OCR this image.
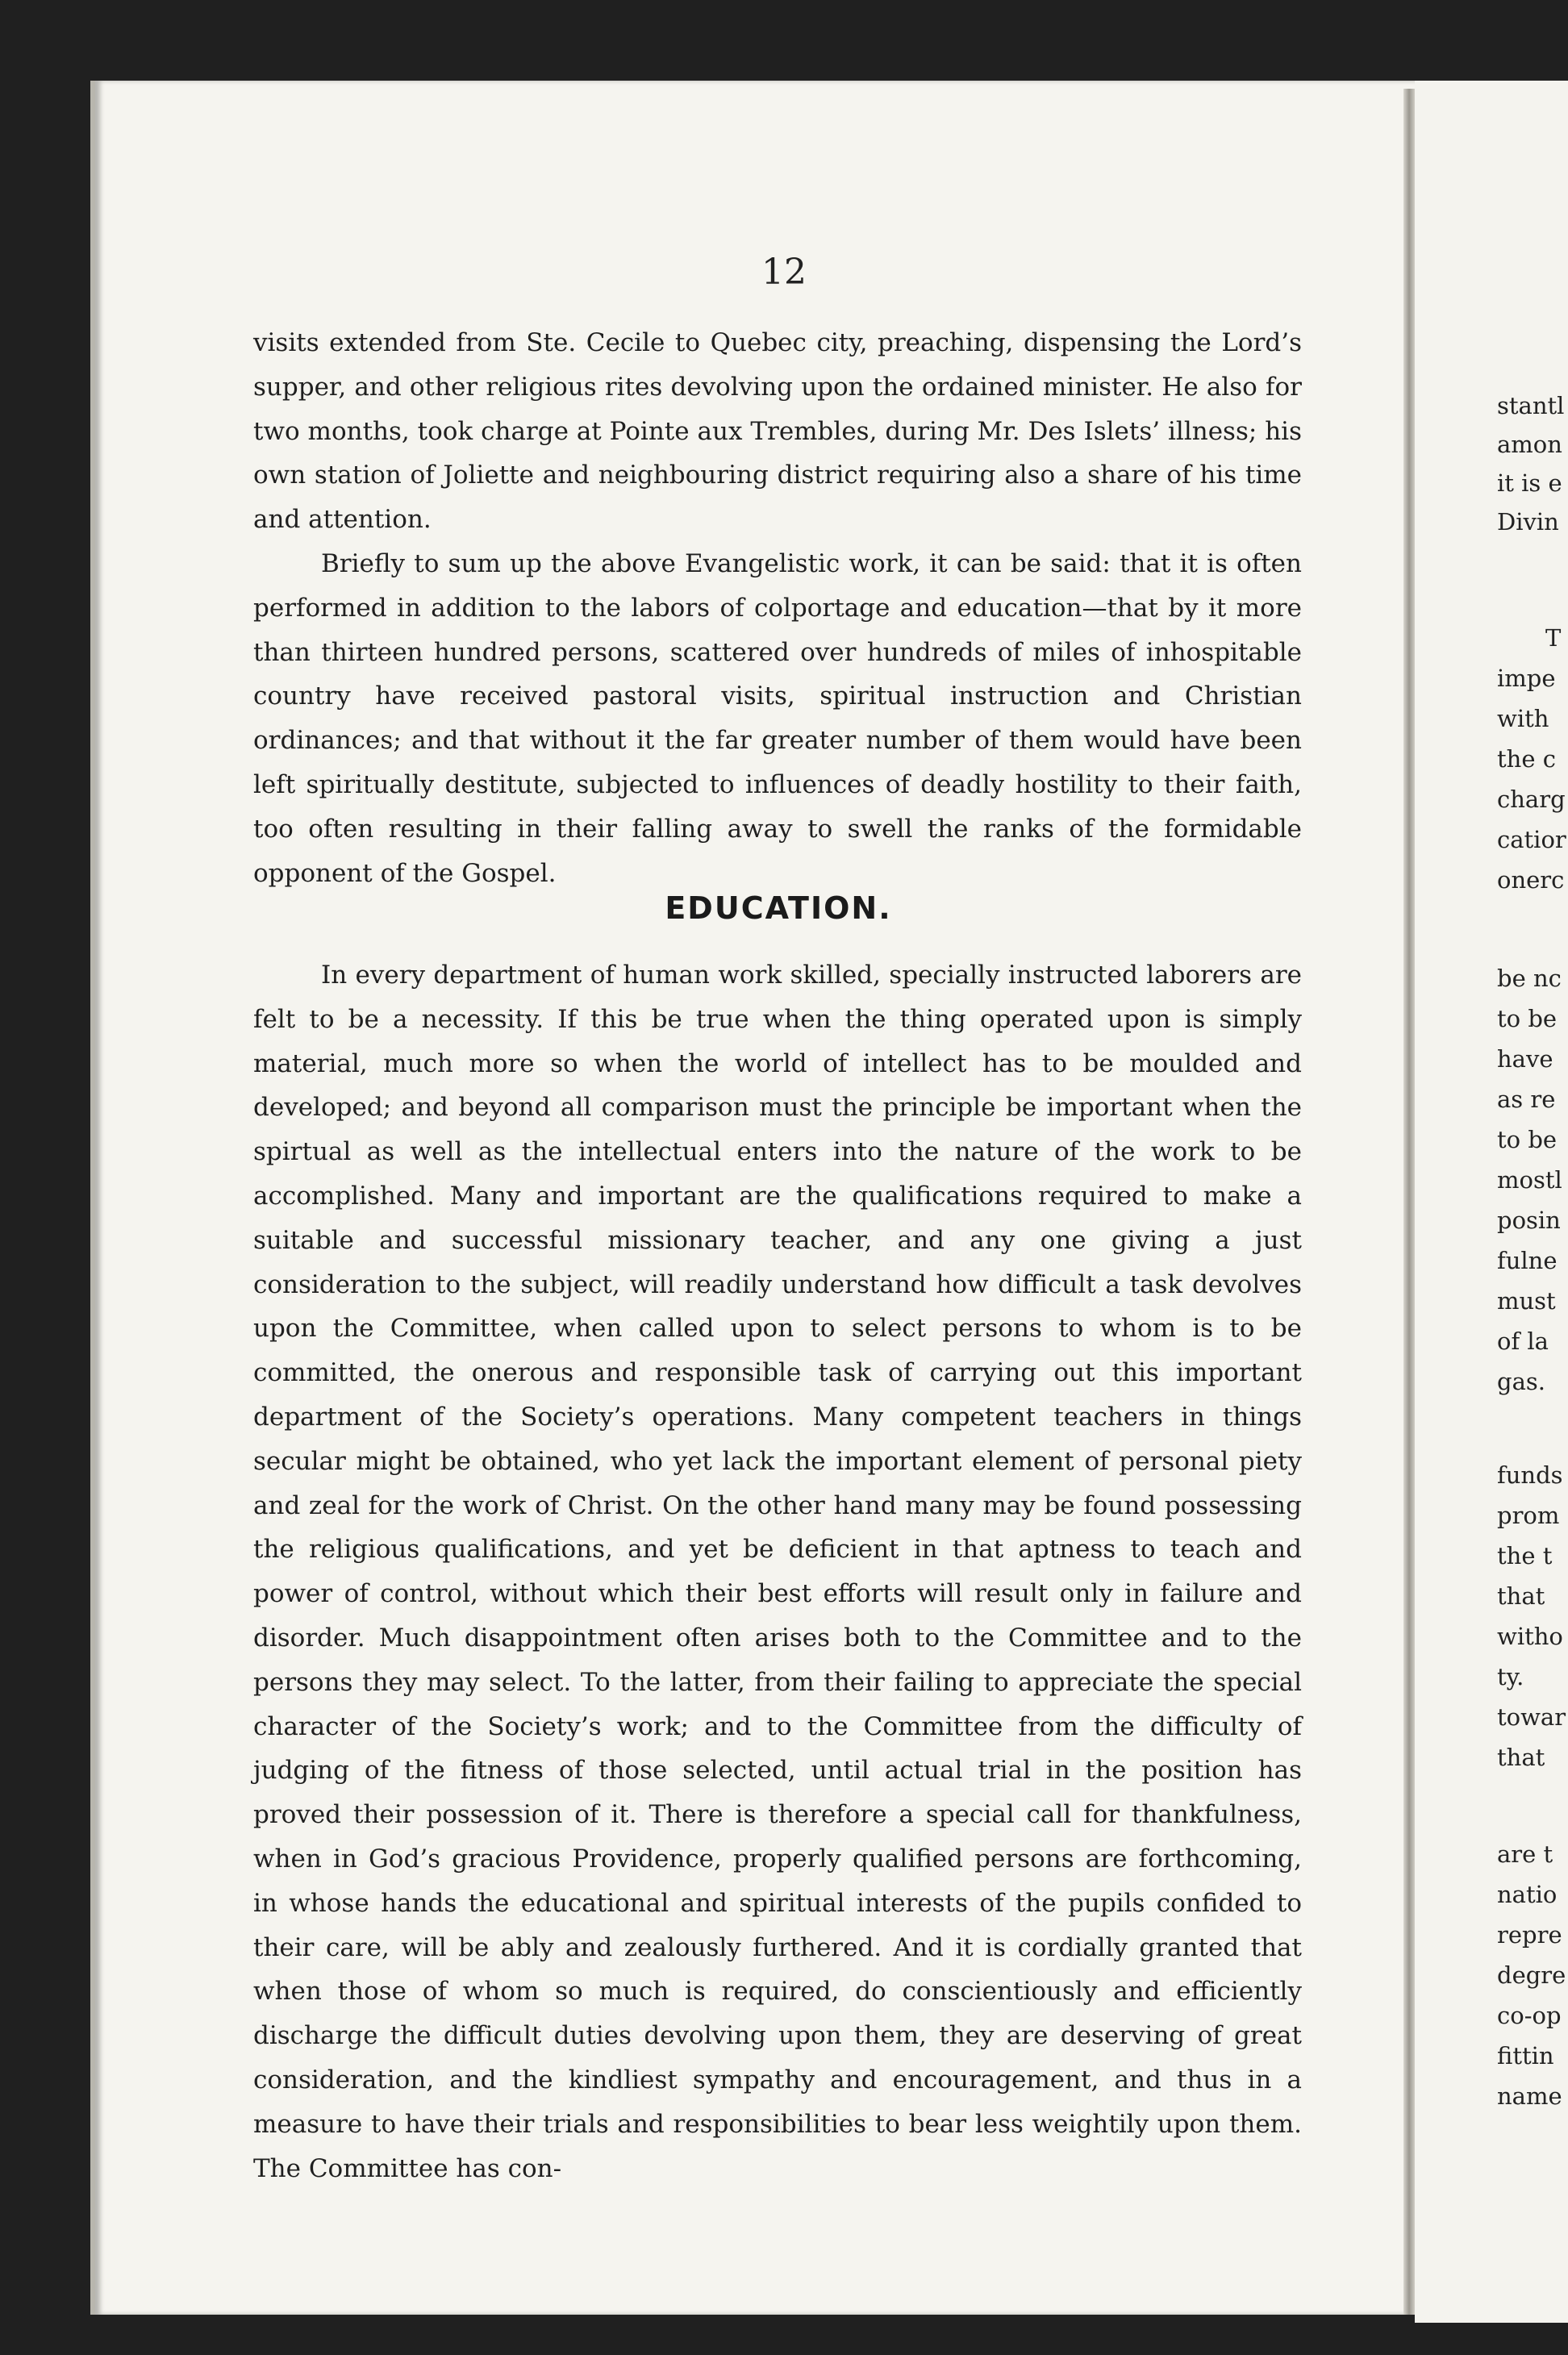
12

visits extended from Ste. Cecile to Quebec city, preaching, dispensing the Lord’s supper, and other religious rites devolving upon the ordained minister. He also for two months, took charge at Pointe aux Trembles, during Mr. Des Islets’ illness; his own station of Joliette and neighbouring district requiring also a share of his time and attention.

Briefly to sum up the above Evangelistic work, it can be said: that it is often performed in addition to the labors of colportage and education—that by it more than thirteen hundred persons, scattered over hundreds of miles of inhospitable country have received pastoral visits, spiritual instruction and Christian ordinances; and that without it the far greater number of them would have been left spiritually destitute, subjected to influences of deadly hostility to their faith, too often resulting in their falling away to swell the ranks of the formidable opponent of the Gospel.

EDUCATION.

In every department of human work skilled, specially instructed laborers are felt to be a necessity. If this be true when the thing operated upon is simply material, much more so when the world of intellect has to be moulded and developed; and beyond all comparison must the principle be important when the spirtual as well as the intellectual enters into the nature of the work to be accomplished. Many and important are the qualifications required to make a suitable and successful missionary teacher, and any one giving a just consideration to the subject, will readily understand how difficult a task devolves upon the Committee, when called upon to select persons to whom is to be committed, the onerous and responsible task of carrying out this important department of the Society’s operations. Many competent teachers in things secular might be obtained, who yet lack the important element of personal piety and zeal for the work of Christ. On the other hand many may be found possessing the religious qualifications, and yet be deficient in that aptness to teach and power of control, without which their best efforts will result only in failure and disorder. Much disappointment often arises both to the Committee and to the persons they may select. To the latter, from their failing to appreciate the special character of the Society’s work; and to the Committee from the difficulty of judging of the fitness of those selected, until actual trial in the position has proved their possession of it. There is therefore a special call for thankfulness, when in God’s gracious Providence, properly qualified persons are forthcoming, in whose hands the educational and spiritual interests of the pupils confided to their care, will be ably and zealously furthered. And it is cordially granted that when those of whom so much is required, do conscientiously and efficiently discharge the difficult duties devolving upon them, they are deserving of great consideration, and the kindliest sympathy and encouragement, and thus in a measure to have their trials and responsibilities to bear less weightily upon them. The Committee has con-

stantl
amon
it is e
Divin
T
impe
with
the c
charg
catior
onerc
be nc
to be
have
as re
to be
mostl
posin
fulne
must
of la
gas.
funds
prom
the t
that
witho
ty.
towar
that
are t
natio
repre
degre
co-op
fittin
name
